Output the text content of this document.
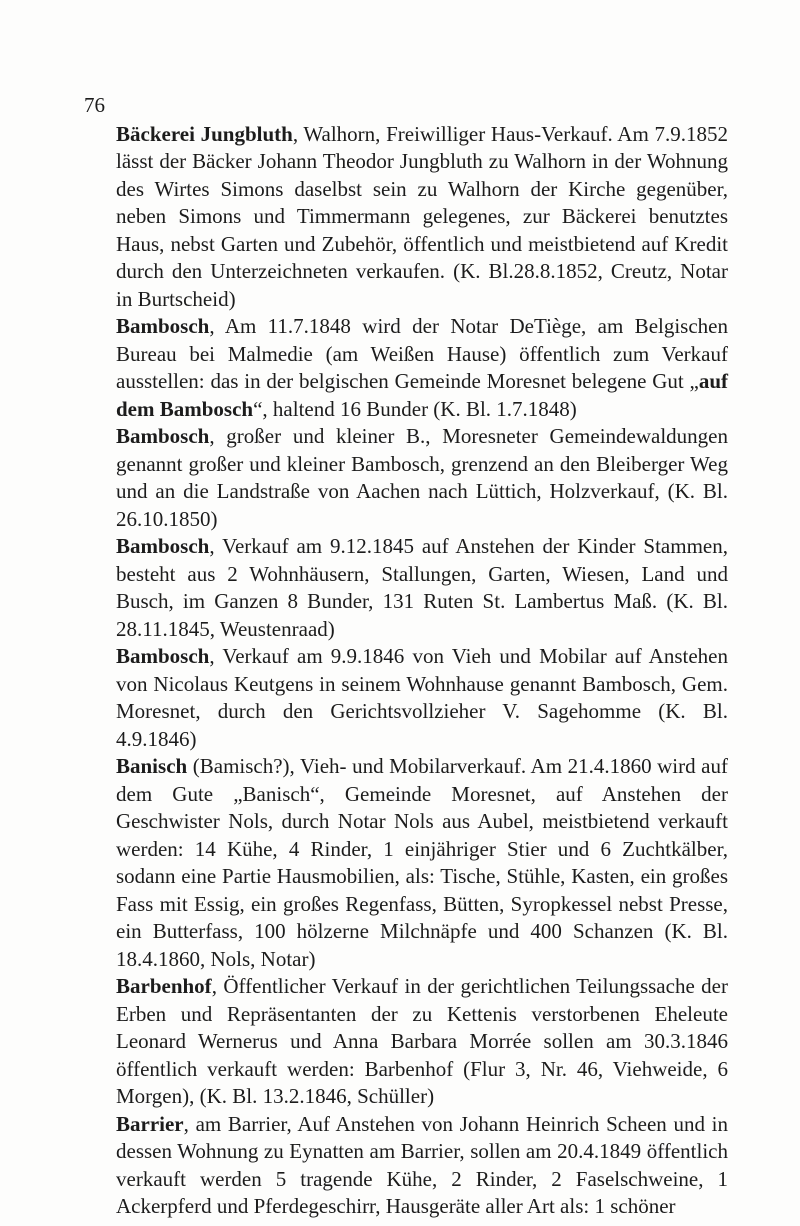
76

Bäckerei Jungbluth, Walhorn, Freiwilliger Haus-Verkauf. Am 7.9.1852 lässt der Bäcker Johann Theodor Jungbluth zu Walhorn in der Wohnung des Wirtes Simons daselbst sein zu Walhorn der Kirche gegenüber, neben Simons und Timmermann gelegenes, zur Bäckerei benutztes Haus, nebst Garten und Zubehör, öffentlich und meistbietend auf Kredit durch den Unterzeichneten verkaufen. (K. Bl.28.8.1852, Creutz, Notar in Burtscheid)

Bambosch, Am 11.7.1848 wird der Notar DeTiège, am Belgischen Bureau bei Malmedie (am Weißen Hause) öffentlich zum Verkauf ausstellen: das in der belgischen Gemeinde Moresnet belegene Gut „auf dem Bambosch“, haltend 16 Bunder (K. Bl. 1.7.1848)

Bambosch, großer und kleiner B., Moresneter Gemeindewaldungen genannt großer und kleiner Bambosch, grenzend an den Bleiberger Weg und an die Landstraße von Aachen nach Lüttich, Holzverkauf, (K. Bl. 26.10.1850)

Bambosch, Verkauf am 9.12.1845 auf Anstehen der Kinder Stammen, besteht aus 2 Wohnhäusern, Stallungen, Garten, Wiesen, Land und Busch, im Ganzen 8 Bunder, 131 Ruten St. Lambertus Maß. (K. Bl. 28.11.1845, Weustenraad)

Bambosch, Verkauf am 9.9.1846 von Vieh und Mobilar auf Anstehen von Nicolaus Keutgens in seinem Wohnhause genannt Bambosch, Gem. Moresnet, durch den Gerichtsvollzieher V. Sagehomme (K. Bl. 4.9.1846)

Banisch (Bamisch?), Vieh- und Mobilarverkauf. Am 21.4.1860 wird auf dem Gute „Banisch“, Gemeinde Moresnet, auf Anstehen der Geschwister Nols, durch Notar Nols aus Aubel, meistbietend verkauft werden: 14 Kühe, 4 Rinder, 1 einjähriger Stier und 6 Zuchtkälber, sodann eine Partie Hausmobilien, als: Tische, Stühle, Kasten, ein großes Fass mit Essig, ein großes Regenfass, Bütten, Syropkessel nebst Presse, ein Butterfass, 100 hölzerne Milchnäpfe und 400 Schanzen (K. Bl. 18.4.1860, Nols, Notar)

Barbenhof, Öffentlicher Verkauf in der gerichtlichen Teilungssache der Erben und Repräsentanten der zu Kettenis verstorbenen Eheleute Leonard Wernerus und Anna Barbara Morrée sollen am 30.3.1846 öffentlich verkauft werden: Barbenhof (Flur 3, Nr. 46, Viehweide, 6 Morgen), (K. Bl. 13.2.1846, Schüller)

Barrier, am Barrier, Auf Anstehen von Johann Heinrich Scheen und in dessen Wohnung zu Eynatten am Barrier, sollen am 20.4.1849 öffentlich verkauft werden 5 tragende Kühe, 2 Rinder, 2 Faselschweine, 1 Ackerpferd und Pferdegeschirr, Hausgeräte aller Art als: 1 schöner
